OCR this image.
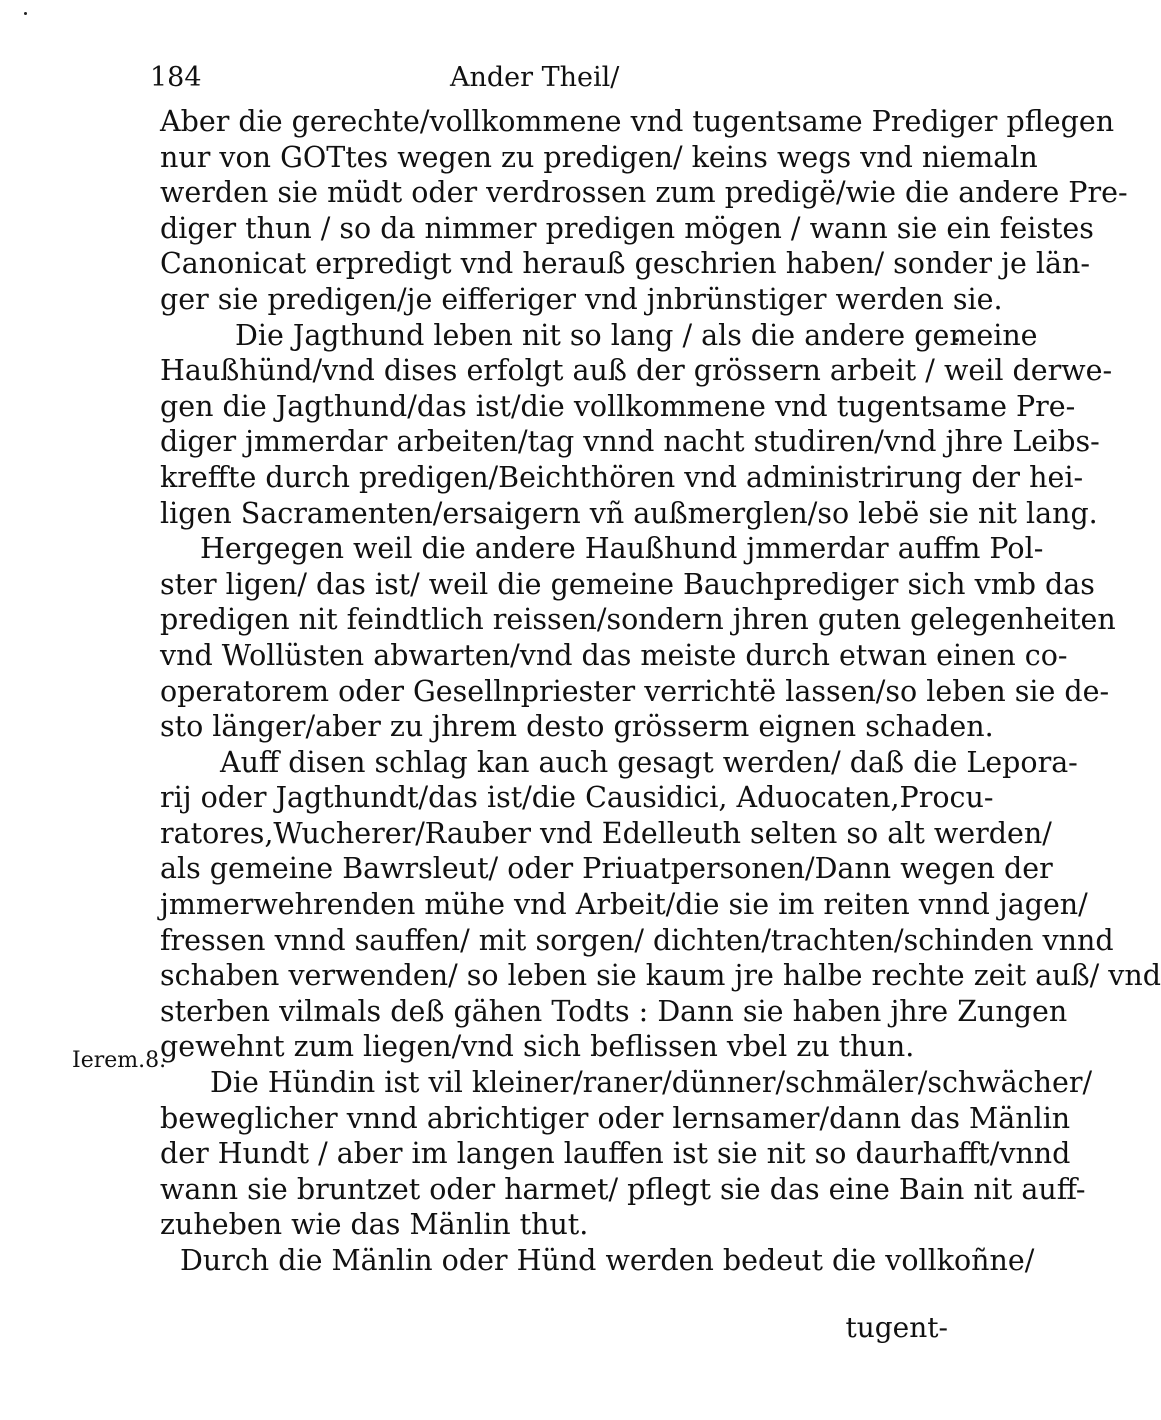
184	Ander Theil/
Aber die gerechte/vollkommene vnd tugentsame Prediger pflegen
nur von GOTtes wegen zu predigen/ keins wegs vnd niemaln
werden sie müdt oder verdrossen zum predigë/wie die andere Pre-
diger thun / so da nimmer predigen mögen / wann sie ein feistes
Canonicat erpredigt vnd herauß geschrien haben/ sonder je län-
ger sie predigen/je eifferiger vnd jnbrünstiger werden sie.
Die Jagthund leben nit so lang / als die andere gemeine
Haußhünd/vnd dises erfolgt auß der grössern arbeit / weil derwe-
gen die Jagthund/das ist/die vollkommene vnd tugentsame Pre-
diger jmmerdar arbeiten/tag vnnd nacht studiren/vnd jhre Leibs-
kreffte durch predigen/Beichthören vnd administrirung der hei-
ligen Sacramenten/ersaigern vñ außmerglen/so lebë sie nit lang.
Hergegen weil die andere Haußhund jmmerdar auffm Pol-
ster ligen/ das ist/ weil die gemeine Bauchprediger sich vmb das
predigen nit feindtlich reissen/sondern jhren guten gelegenheiten
vnd Wollüsten abwarten/vnd das meiste durch etwan einen co-
operatorem oder Gesellnpriester verrichtë lassen/so leben sie de-
sto länger/aber zu jhrem desto grösserm eignen schaden.
Auff disen schlag kan auch gesagt werden/ daß die Lepora-
rij oder Jagthundt/das ist/die Causidici, Aduocaten,Procu-
ratores,Wucherer/Rauber vnd Edelleuth selten so alt werden/
als gemeine Bawrsleut/ oder Priuatpersonen/Dann wegen der
jmmerwehrenden mühe vnd Arbeit/die sie im reiten vnnd jagen/
fressen vnnd sauffen/ mit sorgen/ dichten/trachten/schinden vnnd
schaben verwenden/ so leben sie kaum jre halbe rechte zeit auß/ vnd
sterben vilmals deß gähen Todts : Dann sie haben jhre Zungen
gewehnt zum liegen/vnd sich beflissen vbel zu thun.
Die Hündin ist vil kleiner/raner/dünner/schmäler/schwächer/
beweglicher vnnd abrichtiger oder lernsamer/dann das Mänlin
der Hundt / aber im langen lauffen ist sie nit so daurhafft/vnnd
wann sie bruntzet oder harmet/ pflegt sie das eine Bain nit auff-
zuheben wie das Mänlin thut.
Durch die Mänlin oder Hünd werden bedeut die vollkoñne/
Ierem.8.
tugent-
